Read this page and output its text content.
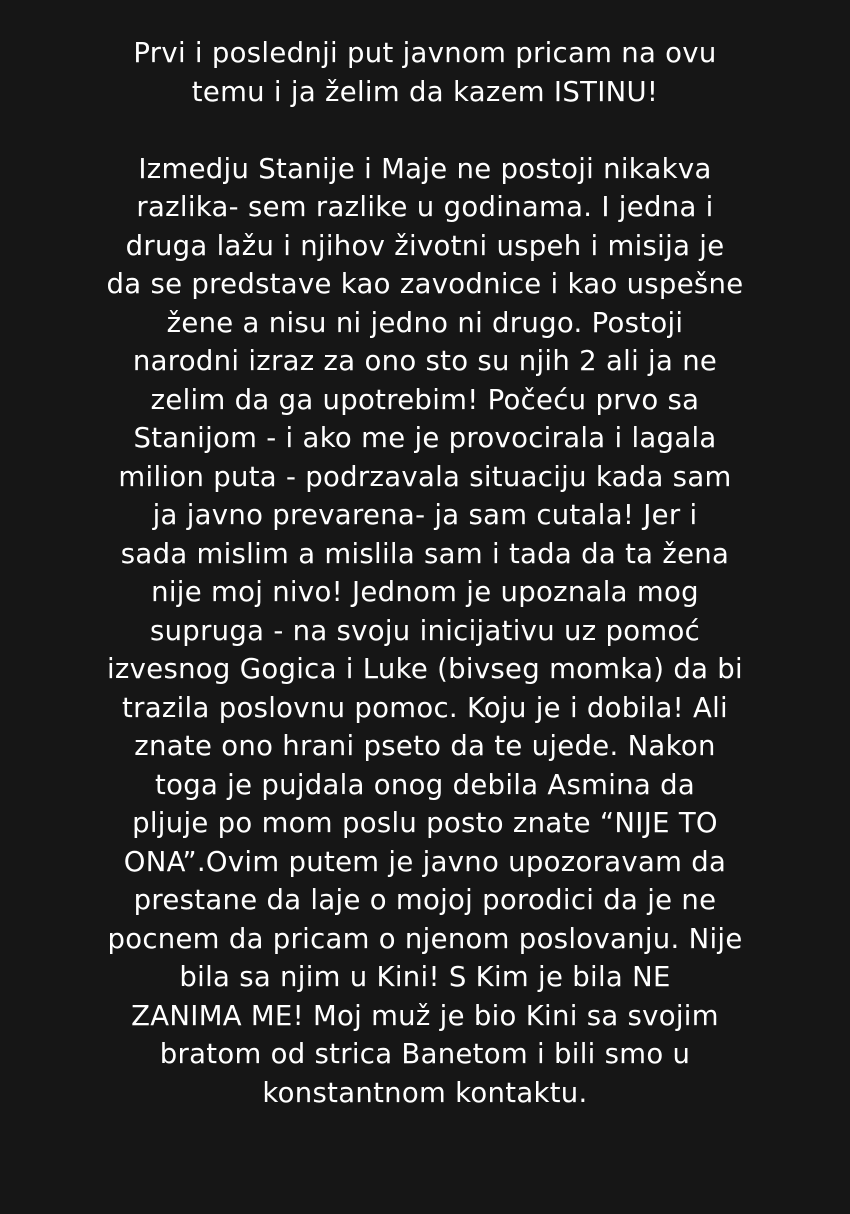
Prvi i poslednji put javnom pricam na ovu
temu i ja želim da kazem ISTINU!
Izmedju Stanije i Maje ne postoji nikakva
razlika- sem razlike u godinama. I jedna i
druga lažu i njihov životni uspeh i misija je
da se predstave kao zavodnice i kao uspešne
žene a nisu ni jedno ni drugo. Postoji
narodni izraz za ono sto su njih 2 ali ja ne
zelim da ga upotrebim! Počeću prvo sa
Stanijom - i ako me je provocirala i lagala
milion puta - podrzavala situaciju kada sam
ja javno prevarena- ja sam cutala! Jer i
sada mislim a mislila sam i tada da ta žena
nije moj nivo! Jednom je upoznala mog
supruga - na svoju inicijativu uz pomoć
izvesnog Gogica i Luke (bivseg momka) da bi
trazila poslovnu pomoc. Koju je i dobila! Ali
znate ono hrani pseto da te ujede. Nakon
toga je pujdala onog debila Asmina da
pljuje po mom poslu posto znate “NIJE TO
ONA”.Ovim putem je javno upozoravam da
prestane da laje o mojoj porodici da je ne
pocnem da pricam o njenom poslovanju. Nije
bila sa njim u Kini! S Kim je bila NE
ZANIMA ME! Moj muž je bio Kini sa svojim
bratom od strica Banetom i bili smo u
konstantnom kontaktu.
